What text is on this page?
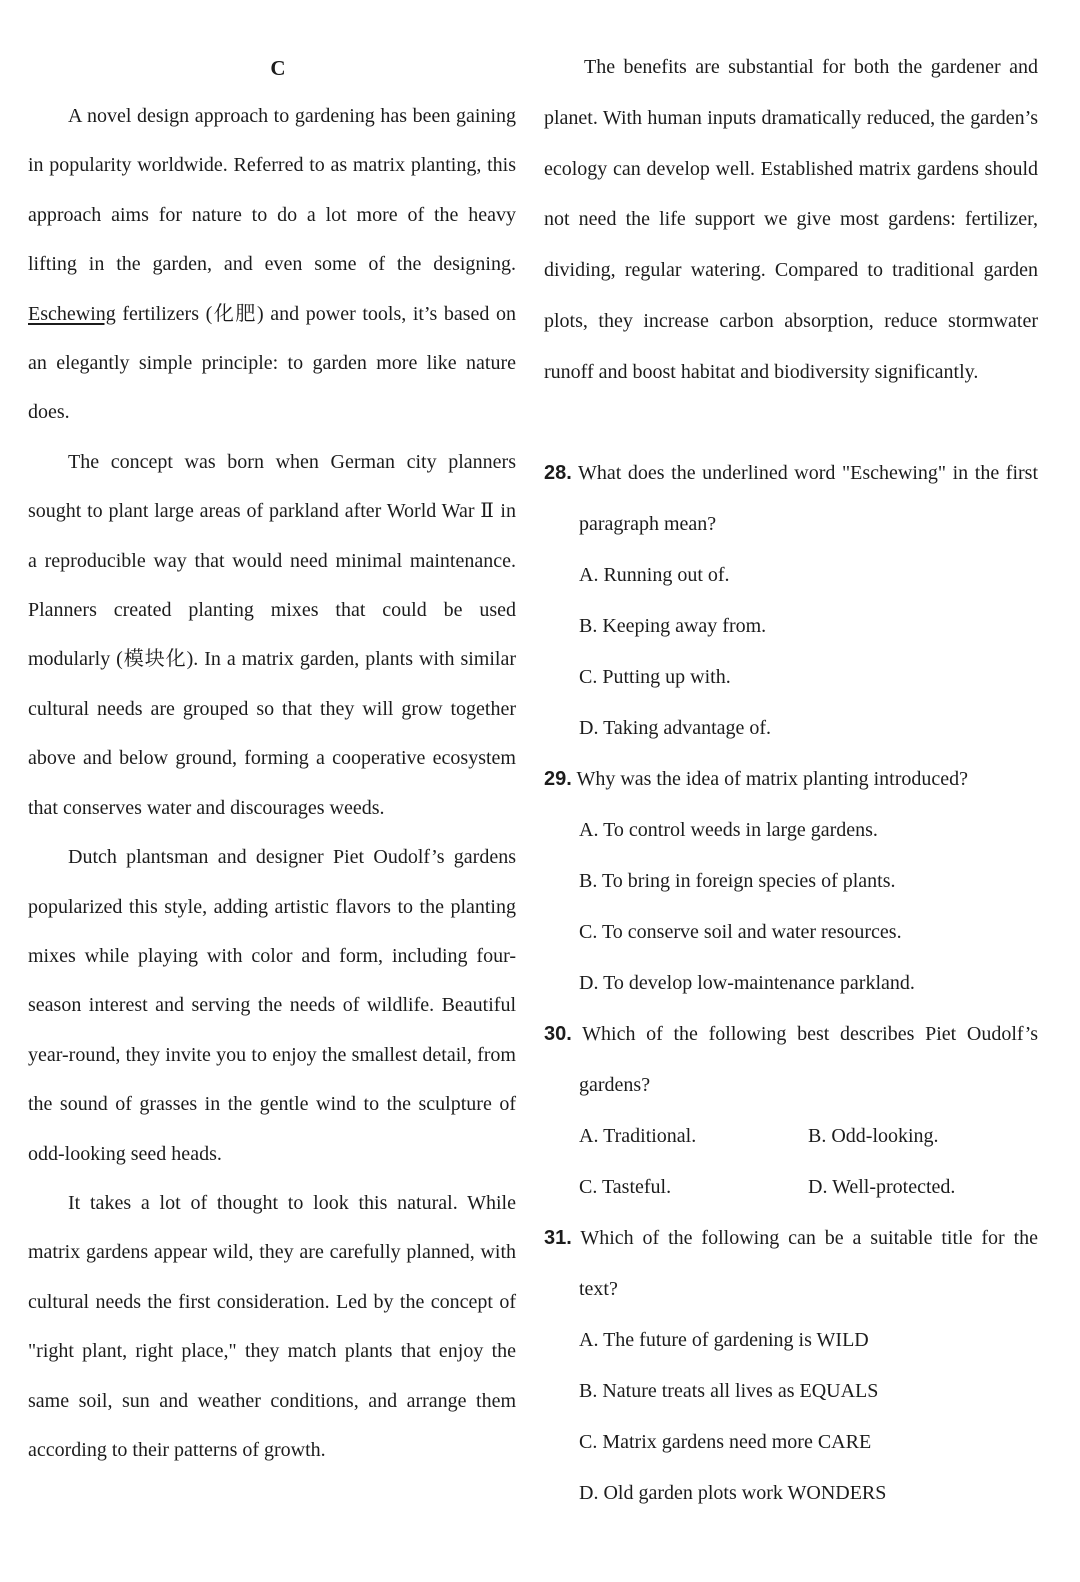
C

A novel design approach to gardening has been gaining in popularity worldwide. Referred to as matrix planting, this approach aims for nature to do a lot more of the heavy lifting in the garden, and even some of the designing. Eschewing fertilizers (化肥) and power tools, it’s based on an elegantly simple principle: to garden more like nature does.

The concept was born when German city planners sought to plant large areas of parkland after World War Ⅱ in a reproducible way that would need minimal maintenance. Planners created planting mixes that could be used modularly (模块化). In a matrix garden, plants with similar cultural needs are grouped so that they will grow together above and below ground, forming a cooperative ecosystem that conserves water and discourages weeds.

Dutch plantsman and designer Piet Oudolf’s gardens popularized this style, adding artistic flavors to the planting mixes while playing with color and form, including four-season interest and serving the needs of wildlife. Beautiful year-round, they invite you to enjoy the smallest detail, from the sound of grasses in the gentle wind to the sculpture of odd-looking seed heads.

It takes a lot of thought to look this natural. While matrix gardens appear wild, they are carefully planned, with cultural needs the first consideration. Led by the concept of "right plant, right place," they match plants that enjoy the same soil, sun and weather conditions, and arrange them according to their patterns of growth.

The benefits are substantial for both the gardener and planet. With human inputs dramatically reduced, the garden’s ecology can develop well. Established matrix gardens should not need the life support we give most gardens: fertilizer, dividing, regular watering. Compared to traditional garden plots, they increase carbon absorption, reduce stormwater runoff and boost habitat and biodiversity significantly.

28. What does the underlined word "Eschewing" in the first paragraph mean?
A. Running out of.
B. Keeping away from.
C. Putting up with.
D. Taking advantage of.
29. Why was the idea of matrix planting introduced?
A. To control weeds in large gardens.
B. To bring in foreign species of plants.
C. To conserve soil and water resources.
D. To develop low-maintenance parkland.
30. Which of the following best describes Piet Oudolf’s gardens?
A. Traditional.	B. Odd-looking.
C. Tasteful.	D. Well-protected.
31. Which of the following can be a suitable title for the text?
A. The future of gardening is WILD
B. Nature treats all lives as EQUALS
C. Matrix gardens need more CARE
D. Old garden plots work WONDERS
